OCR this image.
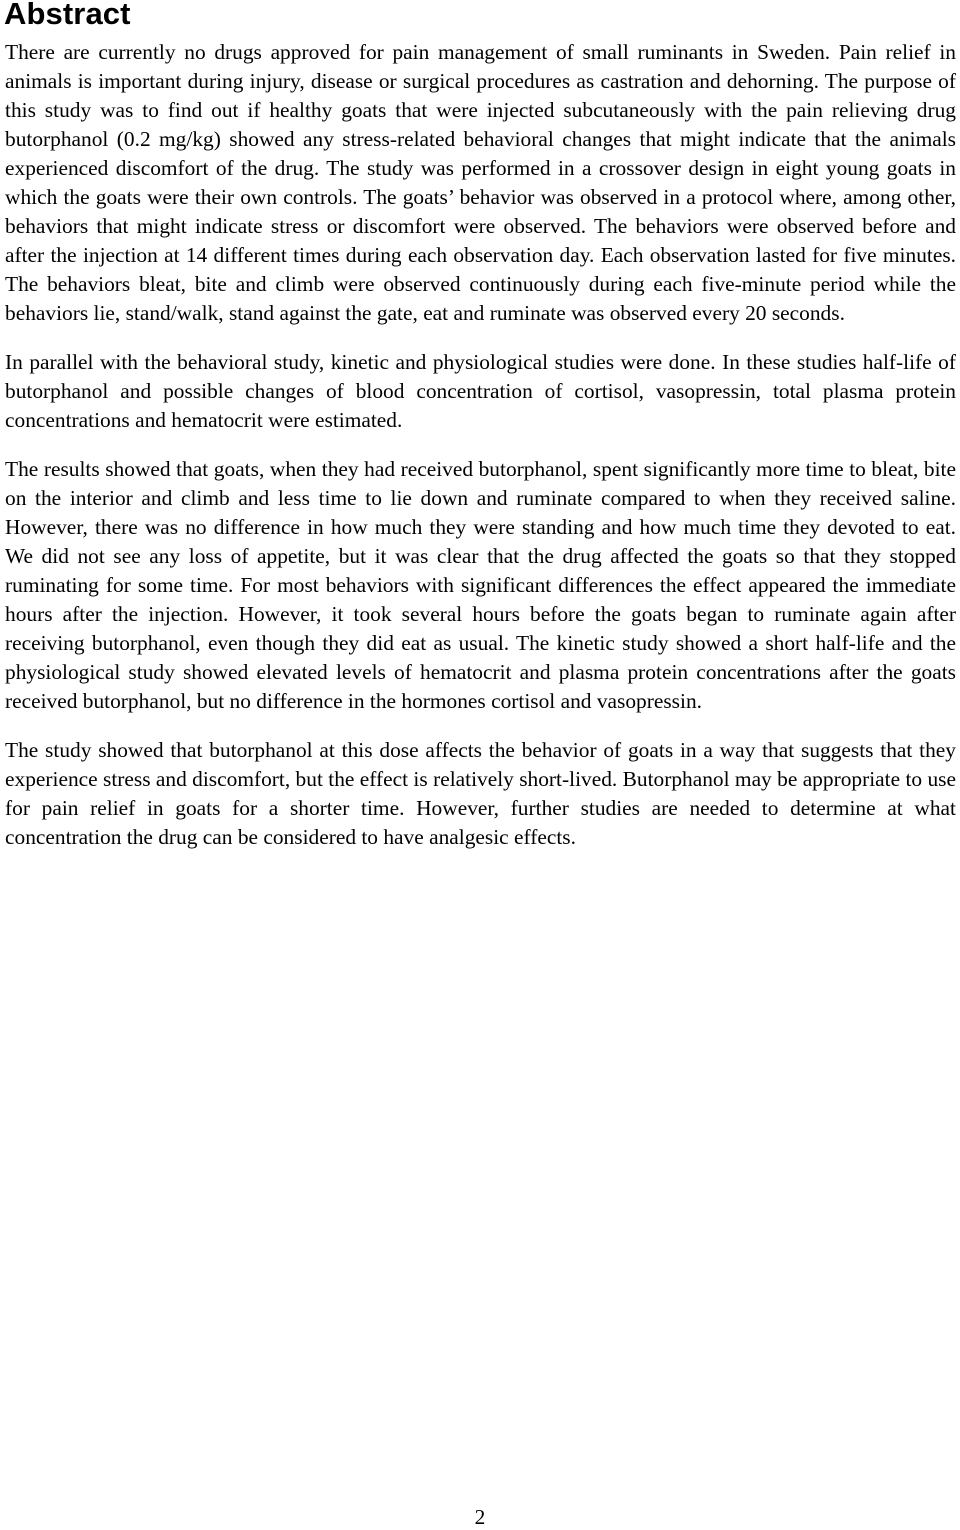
Abstract

There are currently no drugs approved for pain management of small ruminants in Sweden. Pain relief in animals is important during injury, disease or surgical procedures as castration and dehorning. The purpose of this study was to find out if healthy goats that were injected subcutaneously with the pain relieving drug butorphanol (0.2 mg/kg) showed any stress-related behavioral changes that might indicate that the animals experienced discomfort of the drug. The study was performed in a crossover design in eight young goats in which the goats were their own controls. The goats’ behavior was observed in a protocol where, among other, behaviors that might indicate stress or discomfort were observed. The behaviors were observed before and after the injection at 14 different times during each observation day. Each observation lasted for five minutes. The behaviors bleat, bite and climb were observed continuously during each five-minute period while the behaviors lie, stand/walk, stand against the gate, eat and ruminate was observed every 20 seconds.

In parallel with the behavioral study, kinetic and physiological studies were done. In these studies half-life of butorphanol and possible changes of blood concentration of cortisol, vasopressin, total plasma protein concentrations and hematocrit were estimated.

The results showed that goats, when they had received butorphanol, spent significantly more time to bleat, bite on the interior and climb and less time to lie down and ruminate compared to when they received saline. However, there was no difference in how much they were standing and how much time they devoted to eat. We did not see any loss of appetite, but it was clear that the drug affected the goats so that they stopped ruminating for some time. For most behaviors with significant differences the effect appeared the immediate hours after the injection. However, it took several hours before the goats began to ruminate again after receiving butorphanol, even though they did eat as usual. The kinetic study showed a short half-life and the physiological study showed elevated levels of hematocrit and plasma protein concentrations after the goats received butorphanol, but no difference in the hormones cortisol and vasopressin.

The study showed that butorphanol at this dose affects the behavior of goats in a way that suggests that they experience stress and discomfort, but the effect is relatively short-lived. Butorphanol may be appropriate to use for pain relief in goats for a shorter time. However, further studies are needed to determine at what concentration the drug can be considered to have analgesic effects.

2
